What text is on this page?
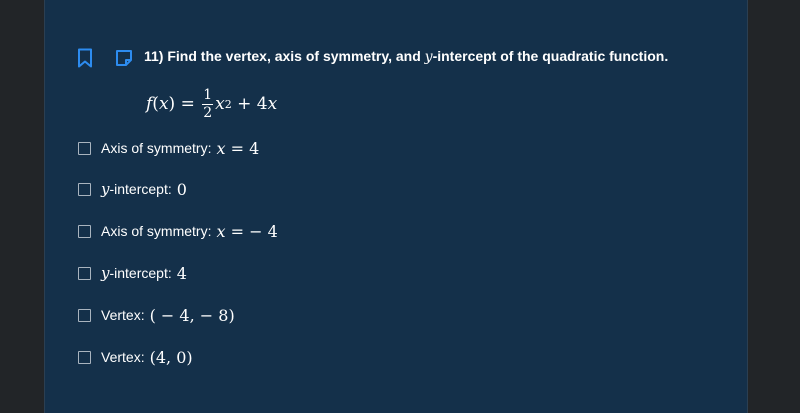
11) Find the vertex, axis of symmetry, and y-intercept of the quadratic function.
f ( x ) = $\frac{1}{2}$ x 2
+ 4 x
Axis of symmetry: x = 4
y -intercept: 0
Axis of symmetry: x = − 4
y -intercept: 4
Vertex: ( − 4, − 8)
Vertex: (4, 0)
